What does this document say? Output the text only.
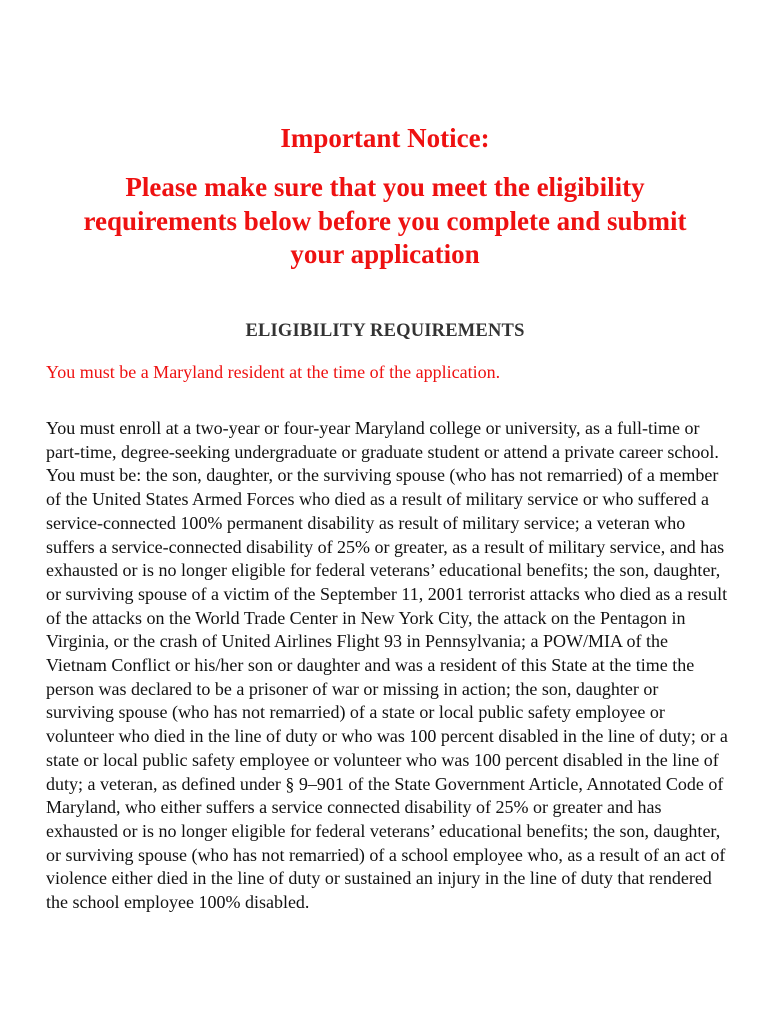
Important Notice:

Please make sure that you meet the eligibility requirements below before you complete and submit your application

ELIGIBILITY REQUIREMENTS

You must be a Maryland resident at the time of the application.

You must enroll at a two-year or four-year Maryland college or university, as a full-time or part-time, degree-seeking undergraduate or graduate student or attend a private career school. You must be: the son, daughter, or the surviving spouse (who has not remarried) of a member of the United States Armed Forces who died as a result of military service or who suffered a service-connected 100% permanent disability as result of military service; a veteran who suffers a service-connected disability of 25% or greater, as a result of military service, and has exhausted or is no longer eligible for federal veterans’ educational benefits; the son, daughter, or surviving spouse of a victim of the September 11, 2001 terrorist attacks who died as a result of the attacks on the World Trade Center in New York City, the attack on the Pentagon in Virginia, or the crash of United Airlines Flight 93 in Pennsylvania; a POW/MIA of the Vietnam Conflict or his/her son or daughter and was a resident of this State at the time the person was declared to be a prisoner of war or missing in action; the son, daughter or surviving spouse (who has not remarried) of a state or local public safety employee or volunteer who died in the line of duty or who was 100 percent disabled in the line of duty; or a state or local public safety employee or volunteer who was 100 percent disabled in the line of duty; a veteran, as defined under § 9–901 of the State Government Article, Annotated Code of Maryland, who either suffers a service connected disability of 25% or greater and has exhausted or is no longer eligible for federal veterans’ educational benefits; the son, daughter, or surviving spouse (who has not remarried) of a school employee who, as a result of an act of violence either died in the line of duty or sustained an injury in the line of duty that rendered the school employee 100% disabled.
